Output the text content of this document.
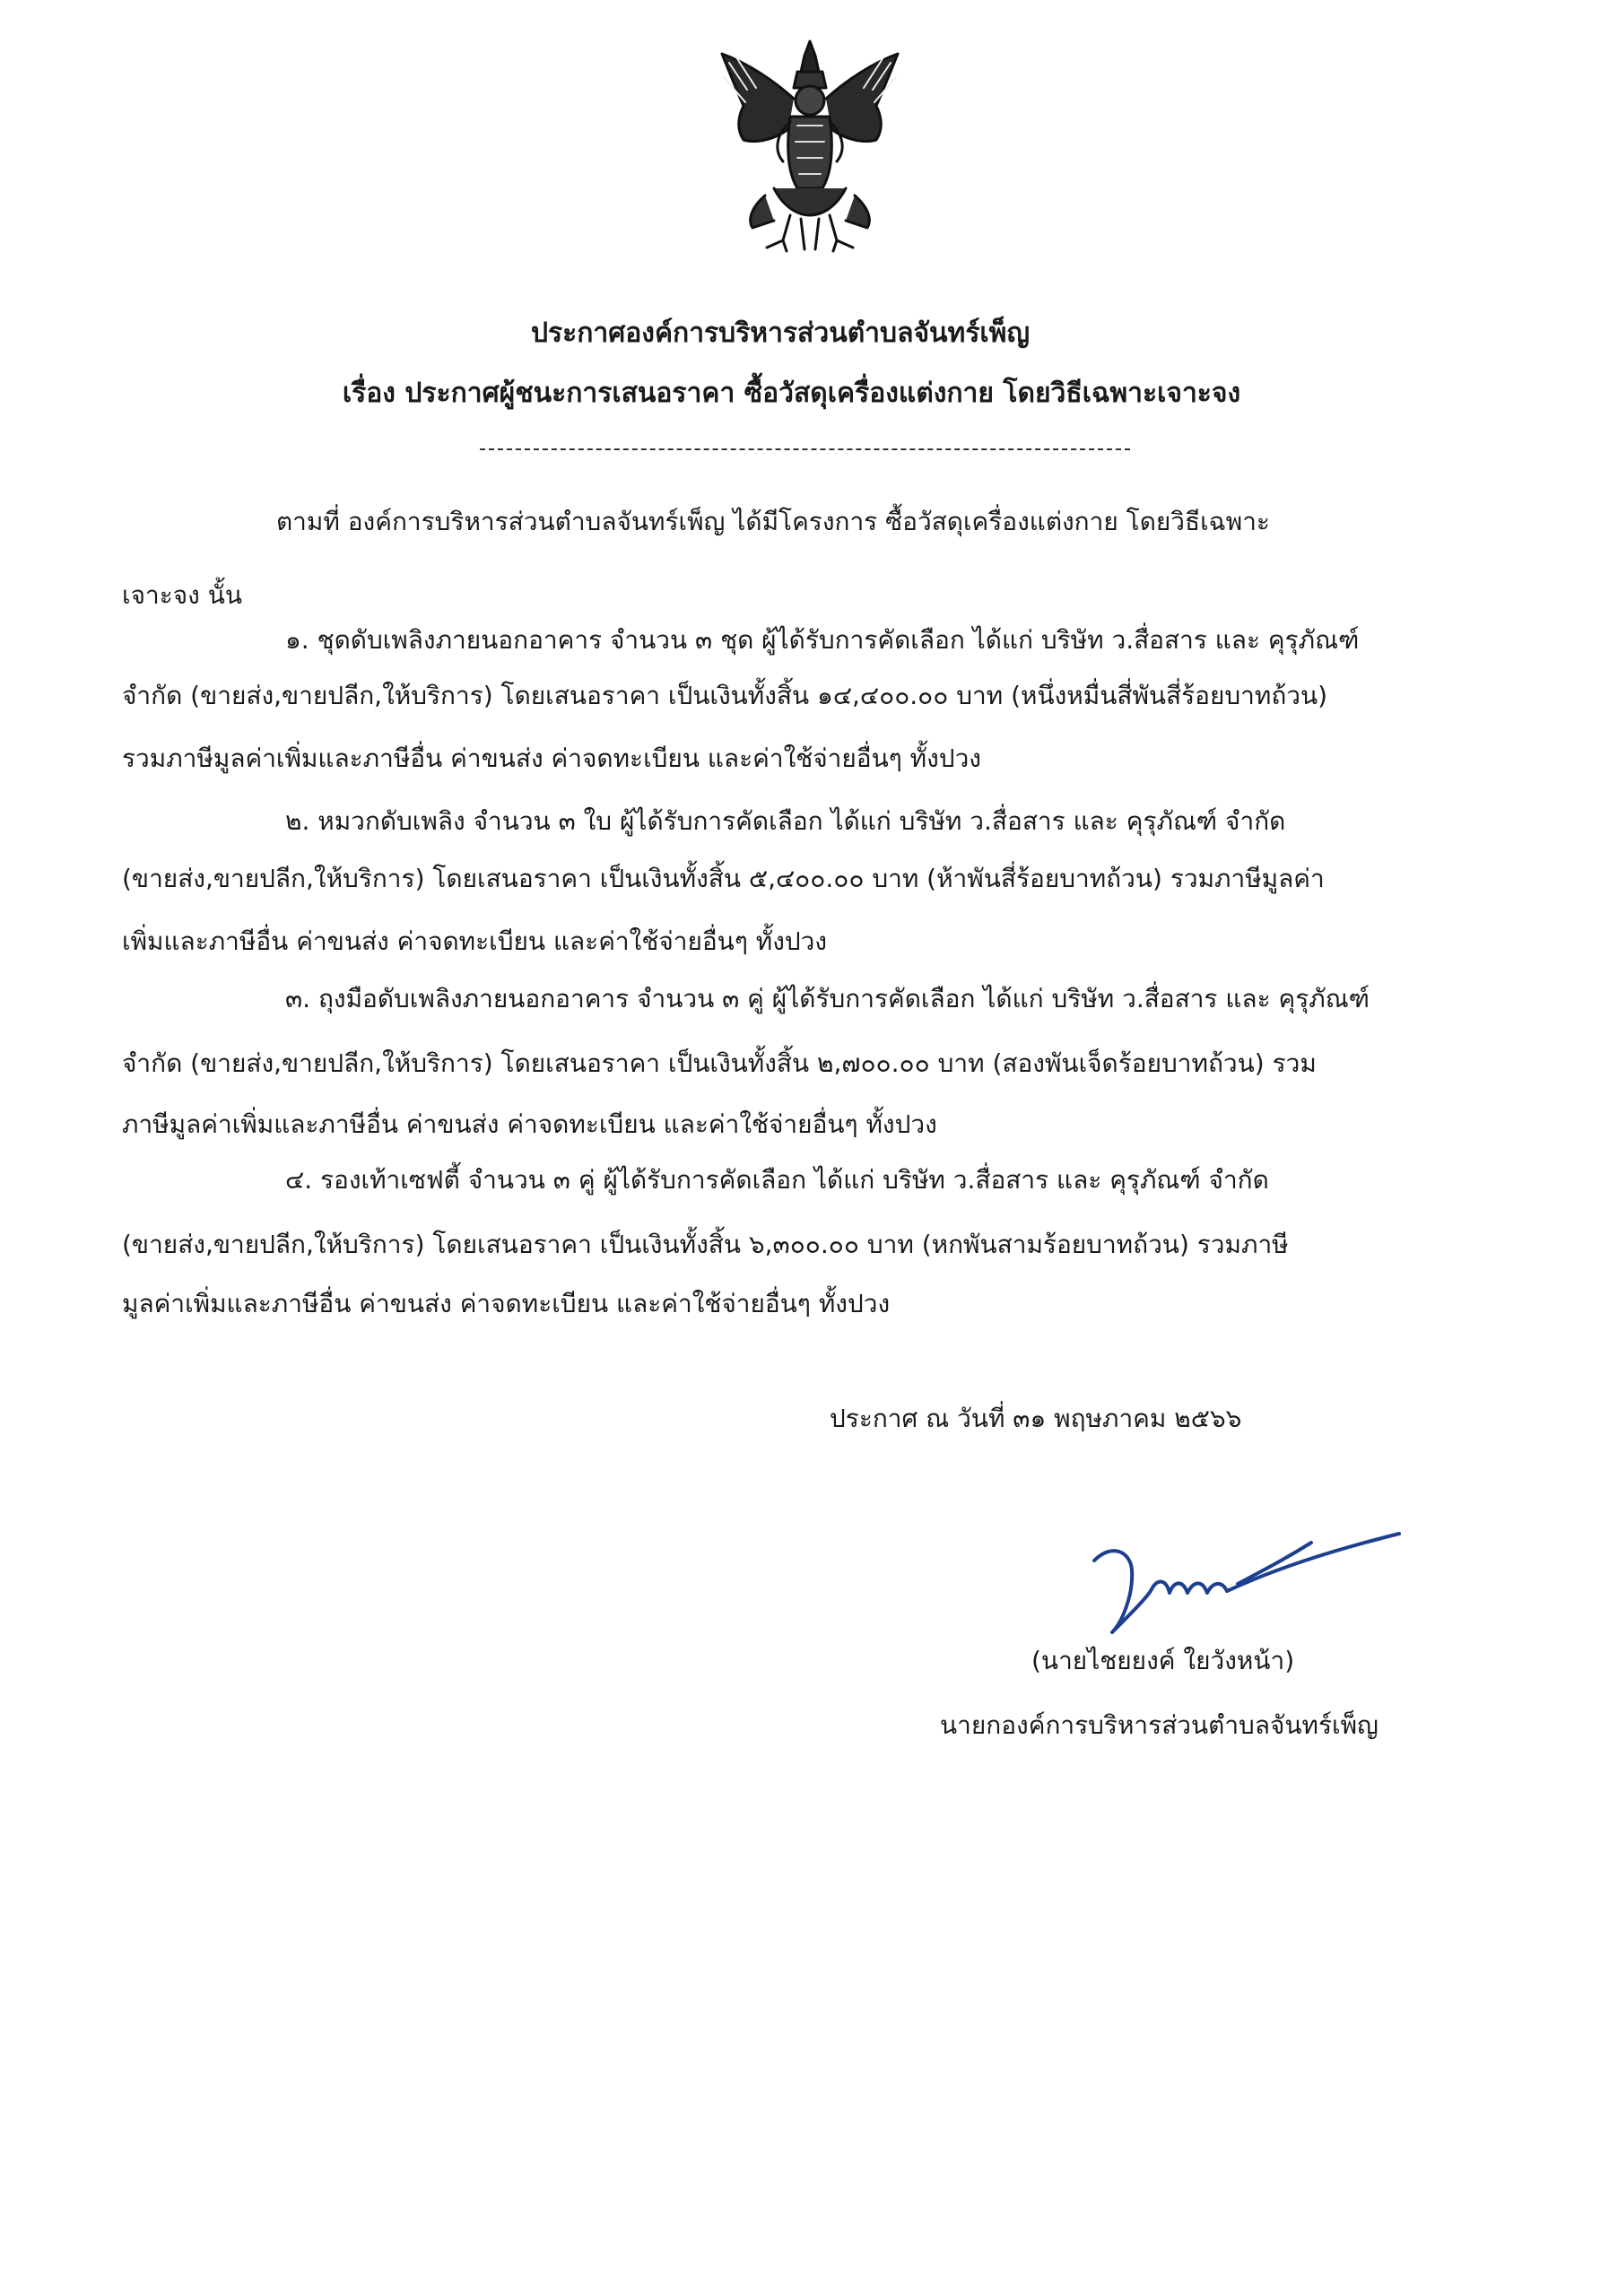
ประกาศองค์การบริหารส่วนตำบลจันทร์เพ็ญ
เรื่อง ประกาศผู้ชนะการเสนอราคา ซื้อวัสดุเครื่องแต่งกาย โดยวิธีเฉพาะเจาะจง
ตามที่ องค์การบริหารส่วนตำบลจันทร์เพ็ญ ได้มีโครงการ ซื้อวัสดุเครื่องแต่งกาย โดยวิธีเฉพาะ
เจาะจง นั้น
๑. ชุดดับเพลิงภายนอกอาคาร จำนวน ๓ ชุด ผู้ได้รับการคัดเลือก ได้แก่ บริษัท ว.สื่อสาร และ คุรุภัณฑ์
จำกัด (ขายส่ง,ขายปลีก,ให้บริการ) โดยเสนอราคา เป็นเงินทั้งสิ้น ๑๔,๔๐๐.๐๐ บาท (หนึ่งหมื่นสี่พันสี่ร้อยบาทถ้วน)
รวมภาษีมูลค่าเพิ่มและภาษีอื่น ค่าขนส่ง ค่าจดทะเบียน และค่าใช้จ่ายอื่นๆ ทั้งปวง
๒. หมวกดับเพลิง จำนวน ๓ ใบ ผู้ได้รับการคัดเลือก ได้แก่ บริษัท ว.สื่อสาร และ คุรุภัณฑ์ จำกัด
(ขายส่ง,ขายปลีก,ให้บริการ) โดยเสนอราคา เป็นเงินทั้งสิ้น ๕,๔๐๐.๐๐ บาท (ห้าพันสี่ร้อยบาทถ้วน) รวมภาษีมูลค่า
เพิ่มและภาษีอื่น ค่าขนส่ง ค่าจดทะเบียน และค่าใช้จ่ายอื่นๆ ทั้งปวง
๓. ถุงมือดับเพลิงภายนอกอาคาร จำนวน ๓ คู่ ผู้ได้รับการคัดเลือก ได้แก่ บริษัท ว.สื่อสาร และ คุรุภัณฑ์
จำกัด (ขายส่ง,ขายปลีก,ให้บริการ) โดยเสนอราคา เป็นเงินทั้งสิ้น ๒,๗๐๐.๐๐ บาท (สองพันเจ็ดร้อยบาทถ้วน) รวม
ภาษีมูลค่าเพิ่มและภาษีอื่น ค่าขนส่ง ค่าจดทะเบียน และค่าใช้จ่ายอื่นๆ ทั้งปวง
๔. รองเท้าเซฟตี้ จำนวน ๓ คู่ ผู้ได้รับการคัดเลือก ได้แก่ บริษัท ว.สื่อสาร และ คุรุภัณฑ์ จำกัด
(ขายส่ง,ขายปลีก,ให้บริการ) โดยเสนอราคา เป็นเงินทั้งสิ้น ๖,๓๐๐.๐๐ บาท (หกพันสามร้อยบาทถ้วน) รวมภาษี
มูลค่าเพิ่มและภาษีอื่น ค่าขนส่ง ค่าจดทะเบียน และค่าใช้จ่ายอื่นๆ ทั้งปวง
ประกาศ ณ วันที่ ๓๑ พฤษภาคม ๒๕๖๖
(นายไชยยงค์ ใยวังหน้า)
นายกองค์การบริหารส่วนตำบลจันทร์เพ็ญ
